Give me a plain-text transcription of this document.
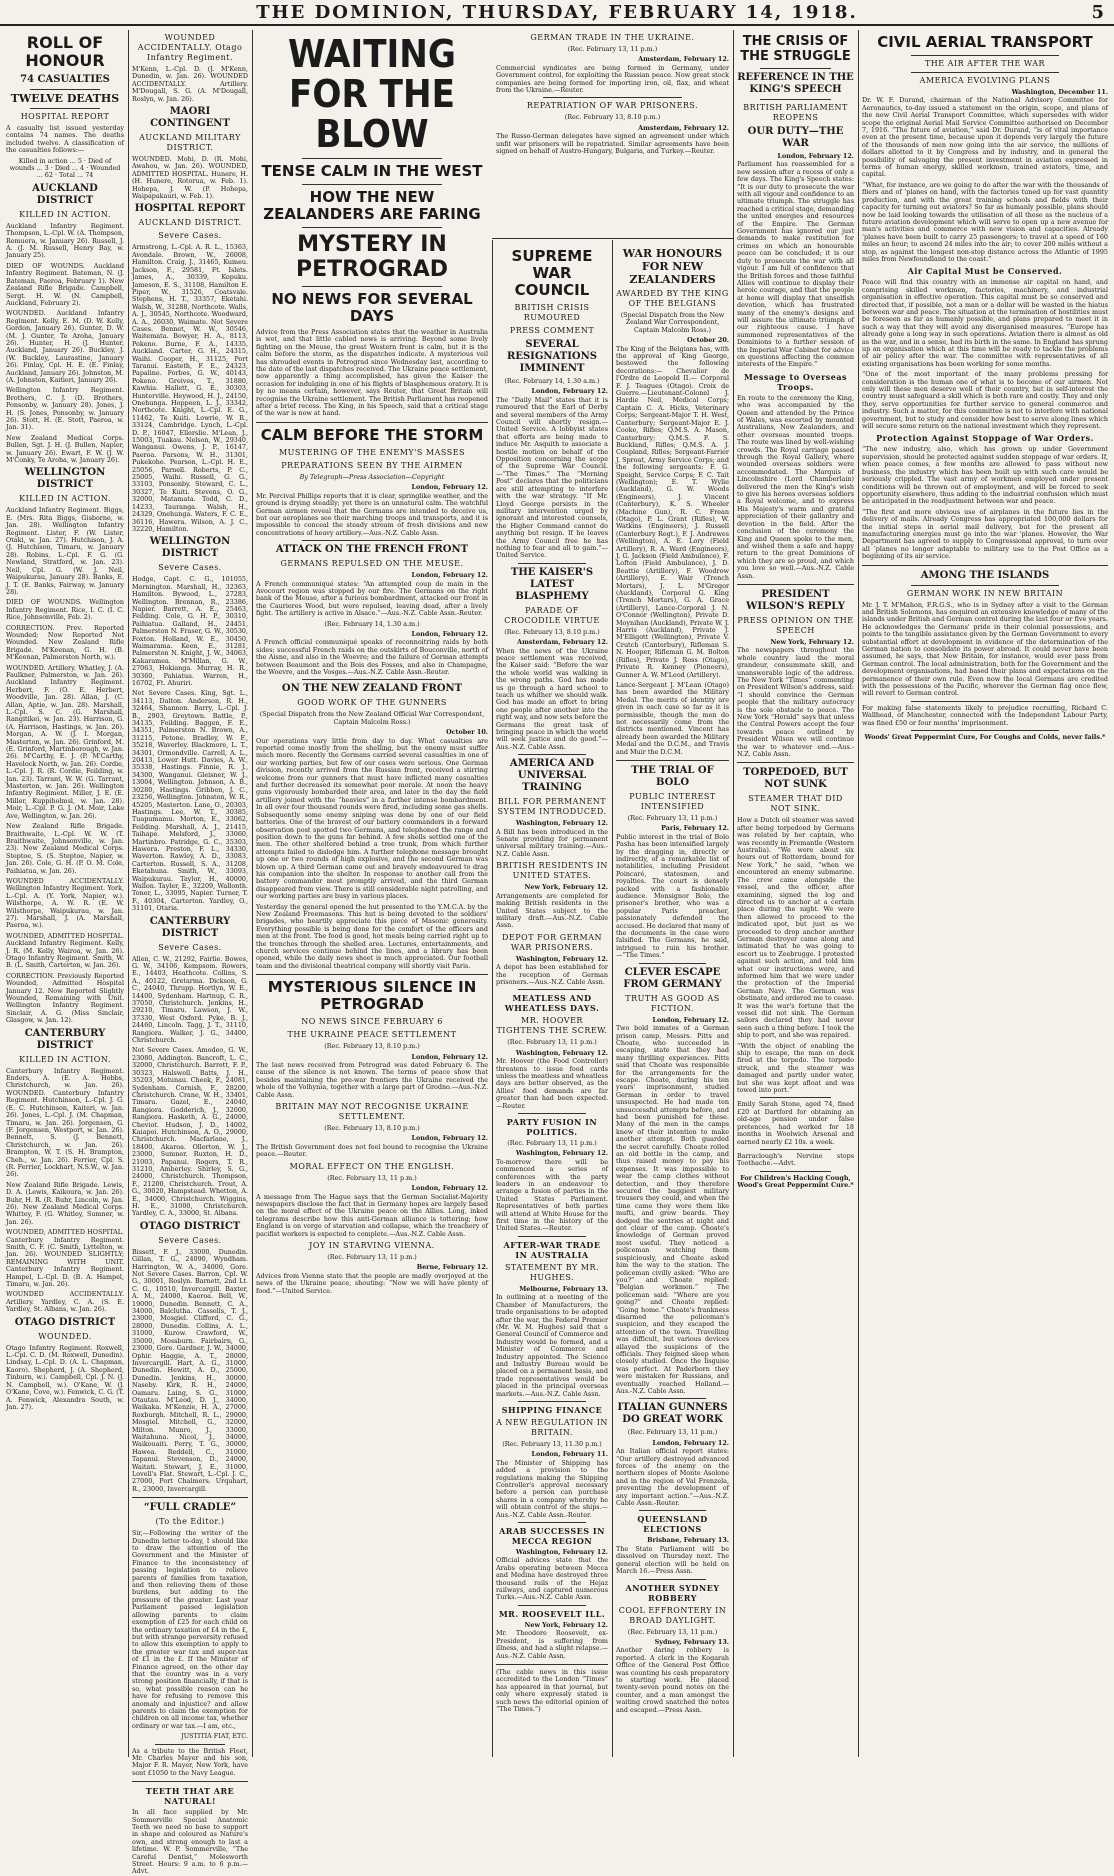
THE DOMINION, THURSDAY, FEBRUARY 14, 1918.	5
ROLL OF HONOUR
74 CASUALTIES
TWELVE DEATHS
HOSPITAL REPORT

A casualty list issued yesterday contains 74 names. The deaths included twelve. A classification of the casualties follows:—

Killed in action ... 5 · Died of wounds ... 3 · Died ... 4 · Wounded ... 62 · Total ... 74

AUCKLAND DISTRICT
KILLED IN ACTION.

Auckland Infantry Regiment. Thompson, L.-Cpl. W. (A. Thompson, Remuera, w. January 26). Russell, J. A. (J. M. Russell, Henry Bay, w. January 25).

DIED OF WOUNDS. Auckland Infantry Regiment. Bateman, N. (J. Bateman, Paeroa, February 1). New Zealand Rifle Brigade. Campbell, Sergt. H. W. (N. Campbell, Auckland, February 2).

WOUNDED. Auckland Infantry Regiment. Kelly, E. M. (D. W. Kelly, Gordon, January 26). Gunter, D. W. (M. J. Gunter, Te Aroha, January 26). Hunter, H. (J. Hunter, Auckland, January 26). Buckley, J. (W. Buckley, Laurastine, January 26). Finlay, Cpl. H. E. (E. Finlay, Auckland, January 26). Johnston, M. (A. Johnston, Kaitieri, January 26).

Wellington Infantry Regiment. Brothers, C. J. (D. Brothers, Ponsonby, w. January 28). Jones, J. H. (S. Jones, Ponsonby, w. January 26). Stott, H. (E. Stott, Paeroa, w. Jan. 31).

New Zealand Medical Corps. Bullen, Sgt. J. H. (J. Bullen, Napier, w. January 26). Ewart, F. W. (J. W. M'Conky, Te Aroha, w. January 26).

WELLINGTON DISTRICT
KILLED IN ACTION.

Auckland Infantry Regiment. Biggs, E. (Mrs. Rita Biggs, Gisborne, w. Jan. 28). Wellington Infantry Regiment. Lister, F. (W. Lister, Otaki, w. Jan. 27). Hutchison, J. A. (J. Hutchison, Timaru, w. January 28). Robins, L.-Cpl. F. G. (G. Newland, Stratford, w. Jan. 23). Neil, Cpl. G. (W. J. Neil, Waipukurau, January 28). Banks, E. J. T. (E. Banks, Fairway, w. January 28).

DIED OF WOUNDS. Wellington Infantry Regiment. Rice, I. C. (I. C. Rice, Johnsonville, Feb. 2).

CORRECTION. Prev. Reported Wounded; Now Reported Not Wounded. New Zealand Rifle Brigade. M'Keenan, G. H. (B. M'Keenan, Palmerston North, w.).

WOUNDED. Artillery. Whatley, J. (A. Faulkner, Palmerston, w. Jan. 26). Auckland Infantry Regiment. Herbert, F. (O. E. Herbert, Woodville, Jan. 28). Allan, J. (C. Allan, Aptie, w. Jan. 28). Marshall, L.-Cpl. S. C. (G. Marshall, Rangitikei, w. Jan. 23). Harrison, G. (A. Harrison, Hastings, w. Jan. 26). Morgan, A. W. (J. I. Morgan, Masterton, w. Jan. 26). Grinford, M. (E. Grinford, Martinborough, w. Jan. 26). M'Carthy, E. J. (P. M'Carthy, Havelock North, w. Jan. 26). Cordie, L.-Cpl. J. R. (R. Cordie, Feilding, w. Jan. 23). Tarrant, W. W. (G. Tarrant, Masterton, w. Jan. 26). Wellington Infantry Regiment. Miller, J. E. (E. Miller, Kuppiholmsl, w. Jan. 28). Moir, L.-Cpl. P. G. J. (M. Moir, Lake Ave, Wellington, w. Jan. 26).

New Zealand Rifle Brigade. Braithwaite, L.-Cpl. W. W. (T. Braithwaite, Johnsonville, w. Jan. 23). New Zealand Medical Corps. Steptoe, S. (S. Steptoe, Napier, w. Jan. 26). Cole, G. H. (P. O. M. Cole, Paihiatua, w. Jan. 26).

WOUNDED ACCIDENTALLY. Wellington Infantry Regiment. York, L.-Cpl. A. (Y. York, Napier, w.). Wilsthorpe, A. W. R. (E. W. Wilsthorpe, Waipukurau, w. Jan. 27). Marshall, J. (A. Marshall, Paeroa, w.).

WOUNDED, ADMITTED HOSPITAL. Auckland Infantry Regiment. Kelly, J. R. (M. Kelly, Wairoa, w. Jan. 26). Otago Infantry Regiment. Smith, W. B. (L. Smith, Carterton, w. Jan. 26).

CORRECTION. Previously Reported Wounded, Admitted Hospital January 12. Now Reported Slightly Wounded, Remaining with Unit. Wellington Infantry Regiment. Sinclair, A. G. (Miss Sinclair, Glasgow, w. Jan. 12).

CANTERBURY DISTRICT
KILLED IN ACTION.

Canterbury Infantry Regiment. Enders, A. (E. A. Hobbs, Christchurch, w. Jan. 26). WOUNDED. Canterbury Infantry Regiment. Hutchinson, L.-Cpl. J. G. (E. C. Hutchinson, Kaiteri, w. Jan. 26). Jones, L.-Cpl. J. (M. Chapman, Timaru, w. Jan. 26). Jorgensen, G. (F. Jorgensen, Westport, w. Jan. 26). Bennett, S. (J. Bennett, Christchurch, w. Jan. 26). Brampton, W. T. (S. H. Brampton, Cheh., w. Jan. 26). Ferrier, Cpl. S. (R. Ferrier, Lockhart, N.S.W., w. Jan. 26).

New Zealand Rifle Brigade. Lewis, D. A. (Lewis, Kaikoura, w. Jan. 26). Buhr, H. R. (R. Buhr, Lincoln, w. Jan. 26). New Zealand Medical Corps. Whittey, F. (G. Whitley, Sumner, w. Jan. 26).

WOUNDED, ADMITTED HOSPITAL. Canterbury Infantry Regiment. Smith, C. F. (C. Smith, Lyttelton, w. Jan. 26). WOUNDED SLIGHTLY; REMAINING WITH UNIT. Canterbury Infantry Regiment. Hampel, L.-Cpl. D. (B. A. Hampel, Timaru, w. Jan. 26).

WOUNDED ACCIDENTALLY. Artillery. Yardley, C. A. (S. E. Yardley, St. Albans, w. Jan. 26).

OTAGO DISTRICT
WOUNDED.

Otago Infantry Regiment. Roxwell, L.-Cpl. C. D. (M. Roxwell, Dunedin). Lindsay, L.-Cpl. D. (A. L. Chapman, Kaoro). Shepherd, J. (A. Shepherd, Tinburn, w.). Campbell, Cpl. J. N. (J. N. Campbell, w.). O'Kane, W. (J. O'Kane, Cove, w.). Fenwick, C. G. (T. A. Fenwick, Alexandra South, w. Jan. 27).

WOUNDED ACCIDENTALLY. Otago Infantry Regiment.

M'Kenn, L.-Cpl. D. (J. M'Kenn, Dunedin, w. Jan. 26). WOUNDED ACCIDENTALLY. Artillery. M'Dougall, S. G. (A. M'Dougall, Roslyn, w. Jan. 26).

MAORI CONTINGENT
AUCKLAND MILITARY DISTRICT.

WOUNDED. Mohi, D. (R. Mohi, Awahou, w. Jan. 26). WOUNDED, ADMITTED HOSPITAL. Hunere, H. (H. Hunere, Rotorua, w. Feb. 1). Hohepa, J. W. (P. Hohepa, Waipapakauri, w. Feb. 1).

HOSPITAL REPORT
AUCKLAND DISTRICT.
Severe Cases.

Armstrong, L.-Cpl. A. R. L., 15363, Avondale. Brown, W., 26008, Hamilton. Craig, J., 31465, Kumeu. Jackson, F., 29581, Ft. Islets. James, A., 30339, Kopuku. Jameson, E. S., 31108, Hamilton E. Piper, W., 31526, Coatsvale. Stephens, H. T., 33357, Eketahi. Walsh, W., 31288, Northcote. Walls, A. J., 30545, Northcote. Woodward, A. A., 26030, Waimate. Not Severe Cases. Bennet, W. W., 30546, Waitemata. Bowyer, H. A., 8113, Pokeno. Burne, F. A., 14335, Auckland. Carter, G. H., 24315, Waihi. Cooper, H., 31125, Port Taranui. Easteth, F. E., 24323, Papaline. Forbes, G. W., 40143, Pokeno. Greives, T., 31880, Kawhia. Hallett, G. E., 30303, Hunterville. Heywood, H. J., 24150, Onehunga. Hoppeen, L. J., 33342, Northcote. Knight, L.-Cpl. E. G., 11462, Te Kuiti. Lowrie, W. R., 33124, Cambridge. Lynch, L.-Cpl. D. P., 16047, Ellerslie. M'Lean, J., 15003, Tuakau. Nelson, W., 29340, Wanganui. Owens, J. P., 16147, Paeroa. Parsons, W. H., 31301, Pukekohe. Pearson, L.-Cpl. H. E., 25056, Parnell. Roberts, P. C., 25005, Waihi. Russell, G. G., 33103, Ponsonby. Steward, C. L., 30327, Te Kuiti. Stevens, O. G., 32000, Matamata. Todd, C. D., 14233, Tauranga. Walsh, H., 24329, Onehunga. Waters, F. C. E., 36116, Hawera. Wilson, A. J. C., 32220, Hamilton.

WELLINGTON DISTRICT
Severe Cases.

Hodge, Capt. C. G., 101055, Mornington. Marshall, H., 32363, Hamilton. Bywood, L., 27283, Wellington. Brennan, R., 23386, Napier. Barrett, A. E., 25463, Feilding. Cole, G. H. P., 30310, Paihiatua. Galland, H., 24451, Palmerston N. Fraser, G. W., 30530, Foxton. Holland, W. E., 30450, Waimarama. Keen, E., 31281, Palmerston N. Knight, J. W., 34063, Kakaramea. M'Millan, G. W., 27063, Hokianga. Murray, H. R., 30360, Pahiatua. Warren, H., 16702, Ft. Ahuriri.

Not Severe Cases. King, Sgt. L., 34113, Dalton. Anderson, R. H., 32464, Shannon. Barry, L.-Cpl. J. B., 2903, Greytown. Battle, P., 34135, Feilding. Baggen, F. E., 34351, Palmerston N. Brown, A., 31215, Petone. Bradley, W. F., 35218, Waverley. Blackmore, L. T., 34301, Ormondville. Carrell, A. L., 20413, Lower Hutt. Davies, A. W., 35338, Hastings. Finnie, R. J., 34300, Wanganui. Gleisner, W. J., 13004, Wellington. Johnson, A. B., 30280, Hastings. Gribben, J. C., 23256, Wellington. Johnston, W. R., 45205, Masterton. Lane, O., 20303, Hastings. Lee, W. T., 30385, Tuapumamu. Morton, E., 33062, Feilding. Marshall, A. J., 21415, Taihape. Melsford, J., 33060, Martinbro. Patridge, G. C., 35303, Hawera. Preston, F. L., 34330, Waverton. Rawley, A. D., 33083, Carterton. Russell, S. A., 31208, Eketahuna. Smith, W., 33093, Waipukurau. Taylor, H., 40000, Wallon. Tayler, E., 32209, Wallonth. Toner, L., 33095, Napier. Turner, T. F., 40304, Carterton. Yardley, O., 31101, Otaria.

CANTERBURY DISTRICT
Severe Cases.

Allen, C. W., 21292, Fairlie. Bowes, G. W., 34106, Kempsom. Rowers, E., 14403, Heathcote. Collins, S. A., 40122, Gretarma. Dickson, G. C., 24040, Thrupp. Hortlyn, W. E., 14400, Sydenham. Hartnup, C. R., 37050, Christchurch. Jenkins, H., 29210, Timaru. Lawson, J. W., 37330, West Oxford. Pyke, B. J., 24460, Lincoln. Tagg, J. T., 31110, Rangiora. Walker, J. G., 34400, Christchurch.

Not Severe Cases. Amodeo, G. W., 23080, Addington. Bancroft, L. C., 32000, Christchurch. Barrett, F. P., 30323, Halswell. Batts, J. H., 35203, Motunau. Cheek, F., 24081, Sydenham. Cornish, F., 28200, Christchurch. Crane, W. H., 33401, Timaru. Gazel, E., 24040, Rangiora. Godderich, J., 32000, Rangiora. Hasketh, A. G., 24000, Cheviot. Hudson, J. D., 14002, Kaiapoi. Hutchinson, A. O., 29000, Christchurch. Macfarlane, J., 18400, Akaroa. Ollerton, W. J., 23000, Sumner. Ruxton, H. D., 21003, Papanui. Rogers, T. R., 31210, Amberley. Shirley, S. G., 24000, Christchurch. Thompson, F., 21200, Christchurch. Trout, A. G., 30020, Hampstead. Whetton, A. E., 34000, Christchurch. Wiggins, H. E., 31000, Christchurch. Yardley, C. A., 33000, St. Albans.

OTAGO DISTRICT
Severe Cases.

Bissett, F. J., 33000, Dunedin. Gillan, T. G., 24090, Wyndham. Harrington, W. A., 34000, Gore. Not Severe Cases. Barron, Cpl. W. G., 30001, Roslyn. Barnett, 2nd Lt. C. G., 10510, Invercargill. Baxter, A. M., 24000, Kaeroa. Bell, W., 19000, Dunedin. Bennett, C. A., 34000, Balclutha. Cassells, T. J., 23000, Mosgiel. Clifford, C. G., 28000, Dunedin. Collins, A. L., 31000, Kurow. Crawford, W., 35000, Mossburn. Fairbairn, G., 23000, Gore. Gardner, J. W., 34000, Ophir. Haggie, A. T., 28000, Invercargill. Hart, A. G., 31000, Dunedin. Hewitt, A. D., 25000, Dunedin. Jenkins, H., 30000, Naseby. Kirk, R. H., 24000, Oamaru. Laing, S. G., 31000, Otautau. M'Leod, D. J., 34000, Waikaka. M'Kenzie, H. A., 27000, Roxburgh. Mitchell, R. L., 29000, Mosgiel. Mitchell, G., 32000, Milton. Munro, J., 33000, Waitahuna. Nicol, J., 34000, Waikouaiti. Perry, T. G., 30000, Hawea. Reddell, C., 31000, Tapanui. Stevenson, D., 24000, Waitati. Stewart, J. E., 31000, Lovell's Flat. Stewart, L.-Cpl. J. C., 27000, Port Chalmers. Urquhart, R., 23000, Invercargill.

“FULL CRADLE”
(To the Editor.)

Sir,—Following the writer of the Dunedin letter to-day, I should like to draw the attention of the Government and the Minister of Finance to the inconsistency of passing legislation to relieve parents of families from taxation, and then relieving them of those burdens, but adding to the pressure of the greater. Last year Parliament passed legislation allowing parents to claim exemption of £25 for each child on the ordinary taxation of £4 in the £, but with strange perversity refused to allow this exemption to apply to the greater war tax and super-tax of £1 in the £. If the Minister of Finance agreed, on the other day that the country was in a very strong position financially, if that is so, what possible reason can he have for refusing to remove this anomaly and injustice? and allow parents to claim the exemption for children on all income tax, whether ordinary or war tax.—I am, etc.,

JUSTITIA FIAT, ETC.

As a tribute to the British Fleet, Mr. Charles Mayer and his son, Major F. R. Mayer, New York, have sent £1050 to the Navy League.

TEETH THAT ARE NATURAL!

In all face supplied by Mr. Sommerville Special Anatomic Teeth we need no base to support in shape and coloured as Nature's own, and strong enough to last a lifetime. W. P. Sommerville, “The Careful Dentist,” Molesworth Street. Hours: 9 a.m. to 6 p.m.—Advt.

WAITING FOR THE BLOW
TENSE CALM IN THE WEST
HOW THE NEW ZEALANDERS ARE FARING
MYSTERY IN PETROGRAD
NO NEWS FOR SEVERAL DAYS

Advice from the Press Association states that the weather in Australia is wet, and that little cabled news is arriving. Beyond some lively fighting on the Meuse, the great Western front is calm, but it is the calm before the storm, as the dispatches indicate. A mysterious veil has shrouded events in Petrograd since Wednesday last, according to the date of the last dispatches received. The Ukraine peace settlement, now apparently a thing accomplished, has given the Kaiser the occasion for indulging in one of his flights of blasphemous oratory. It is by no means certain, however, says Reuter, that Great Britain will recognise the Ukraine settlement. The British Parliament has reopened after a brief recess. The King, in his Speech, said that a critical stage of the war is now at hand.

CALM BEFORE THE STORM
MUSTERING OF THE ENEMY'S MASSES
PREPARATIONS SEEN BY THE AIRMEN

By Telegraph—Press Association—Copyright

London, February 12.

Mr. Percival Phillips reports that it is clear, springlike weather, and the ground is drying steadily; yet there is an unnatural calm. The watchful German airmen reveal that the Germans are intended to deceive us, but our aeroplanes see their marching troops and transports, and it is impossible to conceal the steady stream of fresh divisions and new concentrations of heavy artillery.—Aus.-N.Z. Cable Assn.

ATTACK ON THE FRENCH FRONT
GERMANS REPULSED ON THE MEUSE.

London, February 12.

A French communiqué states: “An attempted coup de main in the Avocourt region was stopped by our fire. The Germans on the right bank of the Meuse, after a furious bombardment, attacked our front in the Caurieres Wood, but were repulsed, leaving dead, after a lively fight. The artillery is active in Alsace.”—Aus.-N.Z. Cable Assn.-Reuter.

(Rec. February 14, 1.30 a.m.)

London, February 12.

A French official communiqué speaks of reconnoitring raids by both sides; successful French raids on the outskirts of Bouconville, north of the Aisne, and also in the Woevre; and the failure of German attempts between Beaumont and the Bois des Fosses, and also in Champagne, the Woevre, and the Vosges.—Aus.-N.Z. Cable Assn.-Reuter.

ON THE NEW ZEALAND FRONT
GOOD WORK OF THE GUNNERS

(Special Dispatch from the New Zealand Official War Correspondent, Captain Malcolm Ross.)

October 10.

Our operations vary little from day to day. What casualties are reported come mostly from the shelling, but the enemy must suffer much more. Recently the Germans carried several casualties in one of our working parties, but few of our cases were serious. One German division, recently arrived from the Russian front, received a stirring welcome from our gunners that must have inflicted many casualties and further decreased its somewhat poor morale. At noon the heavy guns vigorously bombarded their area, and later in the day the field artillery joined with the “heavies” in a further intense bombardment. In all over four thousand rounds were fired, including some gas shells. Subsequently some enemy sniping was done by one of our field batteries. One of the bravest of our battery commanders in a forward observation post spotted two Germans, and telephoned the range and position down to the guns far behind. A few shells settled one of the men. The other sheltered behind a tree trunk, from which further attempts failed to dislodge him. A further telephone message brought up one or two rounds of high explosive, and the second German was blown up. A third German came out and bravely endeavoured to drag his companion into the shelter. In response to another call from the battery commander most promptly arrived, and the third German disappeared from view. There is still considerable night patrolling, and our working parties are busy in various places.

Yesterday the general opened the hut presented to the Y.M.C.A. by the New Zealand Freemasons. This hut is being devoted to the soldiers' brigades, who heartily appreciate this piece of Masonic generosity. Everything possible is being done for the comfort of the officers and men at the front. The food is good, hot meals being carried right up to the trenches through the shelled area. Lectures, entertainments, and church services continue behind the lines, and a library has been opened, while the daily news sheet is much appreciated. Our football team and the divisional theatrical company will shortly visit Paris.

MYSTERIOUS SILENCE IN PETROGRAD
NO NEWS SINCE FEBRUARY 6
THE UKRAINE PEACE SETTLEMENT

(Rec. February 13, 8.10 p.m.)

London, February 12.

The last news received from Petrograd was dated February 6. The cause of the silence is not known. The terms of peace show that besides maintaining the pre-war frontiers the Ukraine received the whole of the Volhynia, together with a large part of Grodno.—Aus.-N.Z. Cable Assn.

BRITAIN MAY NOT RECOGNISE UKRAINE SETTLEMENT.

(Rec. February 13, 8.10 p.m.)

London, February 12.

The British Government does not feel bound to recognise the Ukraine peace.—Reuter.

MORAL EFFECT ON THE ENGLISH.

(Rec. February 13, 11 p.m.)

London, February 12.

A message from The Hague says that the German Socialist-Majority newspapers disclose the fact that in Germany hopes are largely based on the moral effect of the Ukraine peace on the Allies. Long, inked telegrams describe how this anti-German alliance is tottering; how England is on verge of starvation and collapse, which the treachery of pacifist workers is expected to complete.—Aus.-N.Z. Cable Assn.

JOY IN STARVING VIENNA.

(Rec. February 13, 11 p.m.)

Berne, February 12.

Advices from Vienna state that the people are madly overjoyed at the news of the Ukraine peace, shouting: “Now we will have plenty of food.”—United Service.

GERMAN TRADE IN THE UKRAINE.

(Rec. February 13, 11 p.m.)

Amsterdam, February 12.

Commercial syndicates are being formed in Germany, under Government control, for exploiting the Russian peace. Now great stock companies are being formed for importing iron, oil, flax, and wheat from the Ukraine.—Reuter.

REPATRIATION OF WAR PRISONERS.

(Rec. February 13, 8.10 p.m.)

Amsterdam, February 12.

The Russo-German delegates have signed an agreement under which unfit war prisoners will be repatriated. Similar agreements have been signed on behalf of Austro-Hungary, Bulgaria, and Turkey.—Reuter.

SUPREME WAR COUNCIL
BRITISH CRISIS RUMOURED
PRESS COMMENT
SEVERAL RESIGNATIONS IMMINENT

(Rec. February 14, 1.30 a.m.)

London, February 12.

The “Daily Mail” states that it is rumoured that the Earl of Derby and several members of the Army Council will shortly resign.—United Service. A lobbyist states that efforts are being made to induce Mr. Asquith to associate a hostile motion on behalf of the Opposition concerning the scope of the Supreme War Council.—“The Times.” The “Morning Post” declares that the politicians are still attempting to interfere with the war strategy. “If Mr. Lloyd George persists in the military intervention urged by ignorant and interested counsels, the Higher Command cannot do anything but resign. If he leaves the Army Council free he has nothing to fear and all to gain.”—United Service.

THE KAISER'S LATEST BLASPHEMY
PARADE OF CROCODILE VIRTUE

(Rec. February 13, 8.10 p.m.)

Amsterdam, February 12.

When the news of the Ukraine peace settlement was received, the Kaiser said: “Before the war the whole world was walking in the wrong paths. God has made us go through a hard school to teach us whither we should walk. God has made an effort to bring one people after another into the right way, and now sets before the Germans the great task of bringing peace in which the world will seek justice and do good.”—Aus.-N.Z. Cable Assn.

AMERICA AND UNIVERSAL TRAINING
BILL FOR PERMANENT SYSTEM INTRODUCED.

Washington, February 12.

A Bill has been introduced in the Senate providing for permanent universal military training.—Aus.-N.Z. Cable Assn.

BRITISH RESIDENTS IN UNITED STATES.

New York, February 12.

Arrangements are completed for making British residents in the United States subject to the military draft.—Aus.-N.Z. Cable Assn.

DEPOT FOR GERMAN WAR PRISONERS.

Washington, February 12.

A depot has been established for the reception of German prisoners.—Aus.-N.Z. Cable Assn.

MEATLESS AND WHEATLESS DAYS.
MR. HOOVER TIGHTENS THE SCREW.

(Rec. February 13, 11 p.m.)

Washington, February 12.

Mr. Hoover (the Food Controller) threatens to issue food cards unless the meatless and wheatless days are better observed, as the Allies' food demands are far greater than had been expected.—Reuter.

PARTY FUSION IN POLITICS.

(Rec. February 13, 11 p.m.)

Washington, February 12.

To-morrow there will be commenced a series of conferences with the party leaders in an endeavour to arrange a fusion of parties in the United States Parliament. Representatives of both parties will attend at White House for the first time in the history of the United States.—Reuter.

AFTER-WAR TRADE IN AUSTRALIA
STATEMENT BY MR. HUGHES.

Melbourne, February 13.

In outlining at a meeting of the Chamber of Manufacturers, the trade organisations to be adopted after the war, the Federal Premier (Mr. W. M. Hughes) said that a General Council of Commerce and Industry would be formed, and a Minister of Commerce and Industry appointed. The Science and Industry Bureau would be placed on a permanent basis, and trade representatives would be placed in the principal overseas markets.—Aus.-N.Z. Cable Assn.

SHIPPING FINANCE
A NEW REGULATION IN BRITAIN.

(Rec. February 13, 11.30 p.m.)

London, February 11.

The Minister of Shipping has added a provision to the regulations making the Shipping Controller's approval necessary before a person can purchase shares in a company whereby he will obtain control of the ships.—Aus.-N.Z. Cable Assn.-Reuter.

ARAB SUCCESSES IN MECCA REGION

Washington, February 12.

Official advices state that the Arabs operating between Mecca and Medina have destroyed three thousand rails of the Hejaz railways, and captured numerous Turks.—Aus.-N.Z. Cable Assn.

MR. ROOSEVELT ILL.

New York, February 12.

Mr. Theodore Roosevelt, ex-President, is suffering from illness, and had a slight relapse.—Aus.-N.Z. Cable Assn.

(The cable news in this issue accredited to the London “Times” has appeared in that journal, but only where expressly stated is such news the editorial opinion of “The Times.”)

WAR HONOURS FOR NEW ZEALANDERS
AWARDED BY THE KING OF THE BELGIANS

(Special Dispatch from the New Zealand War Correspondent, Captain Malcolm Ross.)

October 20.

The King of the Belgians has, with the approval of King George, bestowed the following decorations:— Chevalier de l'Ordre de Leopold II.— Corporal F. J. Teagues (Otago). Croix de Guerre.—Lieutenant-Colonel J. Hardie Neil, Medical Corps; Captain C. A. Hicks, Veterinary Corps; Sergeant-Major T. H. West, Canterbury; Sergeant-Major E. J. Cooke, Rifles; Q.M.S. A. Mason, Canterbury; Q.M.S. F. S. Buckland, Rifles; Q.M.S. A. J. Coupland, Rifles; Sergeant-Farrier J. Sproat, Army Service Corps; and the following sergeants: F. G. Speight, Service Corps; F. C. Tait (Wellington); E. T. Wylie (Auckland), G. W. Woods (Engineers), J. Vincent (Canterbury), K. S. Wheeler (Machine Gun), R. C. Frean (Otago), P. L. Grant (Rifles), W. Watkins (Engineers), J. Russell (Canterbury Regt.), F. J. Andrewes (Wellington), A. E. Lory (Field Artillery), R. A. Ward (Engineers), J. G. Jackson (Field Ambulance), F. Lofton (Field Ambulance), J. D. Beattie (Artillery), F. Woodrow (Artillery), E. Wair (Trench Mortars), J. L. M'Gregor (Auckland), Corporal G. King (Trench Mortars), G. A. Grace (Artillery), Lance-Corporal J. N. O'Connor (Wellington), Private D. Moynihan (Auckland), Private W. J. Harris (Auckland), Private J. M'Elligott (Wellington), Private V. Crutch (Canterbury), Rifleman S. N. Hooper, Rifleman G. M. Bolton (Rifles), Private J. Ross (Otago), Private R. Kenney (Pioneers), Gunner A. W. M'Leod (Artillery).

Lance-Sergeant J. M'Lean (Otago) has been awarded the Military Medal. The merits of identity are given in each case so far as it is permissible, though the men do not necessarily come from the districts mentioned. Vincent has already been awarded the Military Medal and the D.C.M., and Travis and Muir the D.C.M.

THE TRIAL OF BOLO
PUBLIC INTEREST INTENSIFIED

(Rec. February 13, 11 p.m.)

Paris, February 12.

Public interest in the trial of Bolo Pasha has been intensified largely by the dragging in, directly or indirectly, of a remarkable list of notabilities, including President Poincaré, statesmen, and royalties. The court is densely packed with a fashionable audience. Monsignor Bolo, the prisoner's brother, who was a popular Paris preacher, passionately defended the accused. He declared that many of the documents in the case were falsified. The Germans, he said, intrigued to ruin his brother.—“The Times.”

CLEVER ESCAPE FROM GERMANY
TRUTH AS GOOD AS FICTION.

London, February 12.

Two bold inmates of a German prison camp, Messrs. Pitts and Choate, who succeeded in escaping, state that they had many thrilling experiences. Pitts said that Choate was responsible for the arrangements for the escape. Choate, during his ten years' imprisonment, studied German in order to travel unsuspected. He had made ten unsuccessful attempts before, and had been punished for these. Many of the men in the camps knew of their intention to make another attempt. Both guarded the secret carefully. Choate rolled an old bottle in the camp, and thus raised money to pay his expenses. It was impossible to wear the camp clothes without detection, and they therefore secured the baggiest military trousers they could, and when the time came they wore them like mufti, and grew beards. They dodged the sentries at night and got clear of the camp. Choate's knowledge of German proved most useful. They noticed a policeman watching them suspiciously, and Choate asked him the way to the station. The policeman civilly asked: “Who are you?” and Choate replied: “Belgian workmen.” The policeman said: “Where are you going?” and Choate replied: “Going home.” Choate's frankness disarmed the policeman's suspicion, and they escaped the attention of the town. Travelling was difficult, but various devices allayed the suspicions of the officials. They feigned sleep when closely studied. Once the lisguise was perfect. At Paderborn they were mistaken for Russians, and eventually reached Holland.—Aus.-N.Z. Cable Assn.

ITALIAN GUNNERS DO GREAT WORK

(Rec. February 13, 11 p.m.)

London, February 12.

An Italian official report states: “Our artillery destroyed advanced forces of the enemy on the northern slopes of Monte Asolone and in the region of Val Frenzela, preventing the development of any important action.”—Aus.-N.Z. Cable Assn.-Reuter.

QUEENSLAND ELECTIONS

Brisbane, February 13.

The State Parliament will be dissolved on Thursday next. The general election will be held on March 16.—Press Assn.

ANOTHER SYDNEY ROBBERY
COOL EFFRONTERY IN BROAD DAYLIGHT.

(Rec. February 13, 11 p.m.)

Sydney, February 13.

Another daring robbery is reported. A clerk in the Kogarah Office of the General Post Office was counting his cash preparatory to starting work. He placed twenty-seven pound notes on the counter, and a man amongst the waiting crowd snatched the notes and escaped.—Press Assn.

THE CRISIS OF THE STRUGGLE
REFERENCE IN THE KING'S SPEECH
BRITISH PARLIAMENT REOPENS
OUR DUTY—THE WAR

London, February 12.

Parliament has reassembled for a new session after a recess of only a few days. The King's Speech states: “It is our duty to prosecute the war with all vigour and confidence to an ultimate triumph. The struggle has reached a critical stage, demanding the united energies and resources of the Empire. The German Government has ignored our just demands to make restitution for crimes on which an honourable peace can be concluded; it is our duty to prosecute the war with all vigour. I am full of confidence that the British forces and those faithful Allies will continue to display their heroic courage, and that the people at home will display that unselfish devotion, which has frustrated many of the enemy's designs and will assure the ultimate triumph of our righteous cause. I have summoned representatives of the Dominions to a further session of the Imperial War Cabinet for advice on questions affecting the common interests of the Empire.”

Message to Overseas Troops.

En route to the ceremony the King, who was accompanied by the Queen and attended by the Prince of Wales, was escorted by mounted Australians, New Zealanders, and other overseas mounted troops. The route was lined by well-wishing crowds. The Royal carriage passed through the Royal Gallery, where wounded overseas soldiers were accommodated. The Marquis of Lincolnshire (Lord Chamberlain) delivered the men the King's wish to give his heroes overseas soldiers a Royal welcome, and to express His Majesty's warm and grateful appreciation of their gallantry and devotion in the field. After the conclusion of the ceremony the King and Queen spoke to the men, and wished them a safe and happy return to the great Dominions of which they are so proud, and which you love so well.—Aus.-N.Z. Cable Assn.

PRESIDENT WILSON'S REPLY
PRESS OPINION ON THE SPEECH

New York, February 12.

The newspapers throughout the whole country laud the moral grandeur, consummate skill, and unanswerable logic of the address. The New York “Times” commenting on President Wilson's address, said: “I should convince the German people that the military autocracy is the sole obstacle to peace. The New York “Herald” says that unless the Central Powers accept the four towards peace outlined by President Wilson we will continue the war to whatever end.—Aus.-N.Z. Cable Assn.

TORPEDOED, BUT NOT SUNK
STEAMER THAT DID NOT SINK.

How a Dutch oil steamer was saved after being torpedoed by Germans was related by her captain, who was recently in Fremantle (Western Australia). “We were about six hours out of Rotterdam, bound for New York,” he said, “when we encountered an enemy submarine. The crew came alongside the vessel, and the officer, after examining, signed the log and directed us to anchor at a certain place during the night. We were then allowed to proceed to the indicated spot, but just as we proceeded to drop anchor another German destroyer came along and intimated that he was going to escort us to Zeebrugge. I protested against such action, and told him what our instructions were, and informed him that we were under the protection of the Imperial German Navy. The German was obstinate, and ordered me to cease. It was the war's fortune that the vessel did not sink. The German sailors declared they had never seen such a thing before. I took the ship to port, and she was repaired.

“With the object of enabling the ship to escape, the man on deck fired at the torpedo. The torpedo struck, and the steamer was damaged and partly under water, but she was kept afloat and was towed into port.”

Emily Sarah Stone, aged 74, fined £20 at Dartford for obtaining an old-age pension under false pretences, had worked for 18 months in Woolwich Arsenal and earned nearly £2 10s. a week.

Barraclough's Nervine stops Toothache.—Advt.

For Children's Hacking Cough, Wood's Great Peppermint Cure.*

CIVIL AERIAL TRANSPORT
THE AIR AFTER THE WAR
AMERICA EVOLVING PLANS

Washington, December 11.

Dr. W. F. Durand, chairman of the National Advisory Committee for Aeronautics, to-day issued a statement on the origin, scope, and plans of the new Civil Aerial Transport Committee, which supersedes with wider scope the original Aerial Mail Service Committee authorised on December 7, 1916. “The future of aviation,” said Dr. Durand, “is of vital importance even at the present time, because upon it depends very largely the future of the thousands of men now going into the air service, the millions of dollars allotted to it by Congress and by industry, and in general the possibility of salvaging the present investment in aviation expressed in terms of human energy, skilled workmen, trained aviators, time, and capital.

“What, for instance, are we going to do after the war with the thousands of fliers and of ‘planes on hand, with the factories tuned up for vast quantity production, and with the great training schools and fields with their capacity for turning out aviators? So far as humanly possible, plans should now be laid looking towards the utilisation of all these as the nucleus of a future aviation development which will serve to open up a new avenue for man's activities and commerce with new vision and capacities. Already ‘planes have been built to carry 25 passengers; to travel at a speed of 160 miles an hour; to ascend 24 miles into the air; to cover 200 miles without a stop, as against the longest non-stop distance across the Atlantic of 1995 miles from Newfoundland to the coast.”

Air Capital Must be Conserved.

Peace will find this country with an immense air capital on hand, and comprising skilled workmen, factories, machinery, and industrial organisation in effective operation. This capital must be so conserved and directed that, if possible, not a man or a dollar will be wasted in the hiatus between war and peace. The situation at the termination of hostilities must be foreseen as far as humanly possible, and plans prepared to meet it in such a way that they will avoid any disorganised measures. “Europe has already gone a long way in such operations. Aviation there is almost as old as the war, and in a sense, had its birth in the same. In England has sprung up an organisation which at this time will be ready to tackle the problems of air policy after the war. The committee with representatives of all existing organisations has been working for some months.

“One of the most important of the many problems pressing for consideration is the human one of what is to become of our airmen. Not only will these men deserve well of their country, but in self-interest the country must safeguard a skill which is both rare and costly. They and only they, serve opportunities for further service to general commerce and industry. Such a matter, for this committee is not to interfere with national government, but to study and consider how best to serve along lines which will secure some return on the national investment which they represent.

Protection Against Stoppage of War Orders.

“The new industry, also, which has grown up under Government supervision, should be protected against sudden stoppage of war orders. If, when peace comes, a few months are allowed to pass without new business, the industry which has been built up with such care would be seriously crippled. The vast army of workmen employed under present conditions will be thrown out of employment, and will be forced to seek opportunity elsewhere, thus adding to the industrial confusion which must be anticipated in the readjustment between war and peace.

“The first and more obvious use of airplanes in the future lies in the delivery of mails. Already Congress has appropriated 100,000 dollars for the initial steps in aerial mail delivery, but for the present all manufacturing energies must go into the war ‘planes. However, the War Department has agreed to supply to Congressional approval, to turn over all ‘planes no longer adaptable to military use to the Post Office as a beginning of its air service.

AMONG THE ISLANDS
GERMAN WORK IN NEW BRITAIN

Mr. J. T. M'Mahon, F.R.G.S., who is in Sydney after a visit to the German and British Solomons, has enquired an extensive knowledge of many of the islands under British and German control during the last four or five years. He acknowledges the Germans' pride in their colonial possessions, and points to the tangible assistance given by the German Government to every substantial effort at development in evidence of the determination of the German nation to consolidate its power abroad. It could never have been assumed, he says, that New Britain, for instance, would ever pass from German control. The local administration, both for the Government and the development organisations, had based their plans and expectations on the permanence of their own rule. Even now the local Germans are credited with the possessions of the Pacific, wherever the German flag once flew, will revert to German control.

For making false statements likely to prejudice recruiting, Richard C. Wallhead, of Manchester, connected with the Independent Labour Party, was fined £50 or four months' imprisonment.

Woods' Great Peppermint Cure, For Coughs and Colds, never fails.*
